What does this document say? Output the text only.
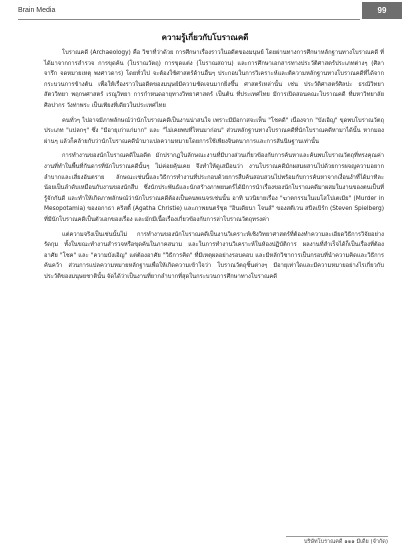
Brain Media	99
ความรู้เกี่ยวกับโบราณคดี

โบราณคดี (Archaeology) คือ วิชาที่ว่าด้วย การศึกษาเรื่องราวในอดีตของมนุษย์ โดยผ่านทางการศึกษาหลักฐานทางโบราณคดี ที่ได้มาจากการสำรวจ การขุดค้น (โบราณวัตถุ) การขุดแต่ง (โบราณสถาน) และการศึกษาเอกสารทางประวัติศาสตร์ประเภทต่างๆ (ศิลาจารึก จดหมายเหตุ พงศาวดาร) โดยทั่วไป จะต้องใช้ศาสตร์ด้านอื่นๆ ประกอบในการวิเคราะห์และตีความหลักฐานทางโบราณคดีที่ได้จากกระบวนการข้างต้น เพื่อให้เรื่องราวในอดีตของมนุษย์มีความชัดเจนมากยิ่งขึ้น ศาสตร์เหล่านั้น เช่น ประวัติศาสตร์ศิลปะ ธรณีวิทยา สัตววิทยา พฤกษศาสตร์ เรณูวิทยา การกำหนดอายุทางวิทยาศาสตร์ เป็นต้น ที่ประเทศไทย มีการเปิดสอนคณะโบราณคดี ที่มหาวิทยาลัยศิลปากร วังท่าพระ เป็นเพียงที่เดียวในประเทศไทย

คนทั่วๆ ไปอาจมีภาพลักษณ์ว่านักโบราณคดีเป็นงานน่าสนใจ เพราะมีมีอกาสจะเห็น "โชคดี" เนื่องจาก "บังเอิญ" ขุดพบโบราณวัตถุประเภท "แปลกๆ" ซึ่ง "มีอายุเก่าแก่มาก" และ "ไม่เคยพบที่ไหนมาก่อน" ส่วนหลักฐานทางโบราณคดีที่นักโบราณคดีหามาได้นั้น หากมองผ่านๆ แล้วก็คล้ายกับว่านักโบราณคดีนำมาแปลความหมายโดยการใช้เพียงจินตนาการและการสันนิษฐานเท่านั้น

การทำงานของนักโบราณคดีในอดีต มักปรากฏในลักษณะงานที่มีบางส่วนเกี่ยวข้องกับการค้นหาและค้นพบโบราณวัตถุที่ทรงคุณค่า งานที่ทำในพื้นที่กันดารที่นักโบราณคดีนั้นๆ ไม่ค่อยคุ้นเคย จึงทำให้ดูเสมือนว่า งานโบราณคดีมักผสมผสานไปด้วยการผจญความอยากลำบากและเสี่ยงอันตราย ลักษณะเช่นนี้และวิธีการทำงานที่ประกอบด้วยการสืบค้นสอบสวนไปพร้อมกับการค้นหาจากเงื่อนงำที่ได้มาทีละน้อยเป็นลำดับเหมือนกับงานของนักสืบ ซึ่งนักประพันธ์และนักสร้างภาพยนตร์ได้มีการนำเรื่องของนักโบราณคดีมาผสมในงานของตนเป็นที่รู้จักกันดี และทำให้เกิดภาพลักษณ์ว่านักโบราณคดีต้องเป็นคนพเนจรเช่นนั้น อาทิ นวนิยายเรื่อง "ฆาตกรรมในเมโสโปเตเมีย" (Murder in Mesopotamia) ของอกาธา คริสตี้ (Agatha Christie) และภาพยนตร์ชุด "อินเดียนา โจนส์" ของสตีเวน สปีลเบิร์ก (Steven Spielberg) ที่มีนักโบราณคดีเป็นตัวเอกของเรื่อง และมักมีเนื้อเรื่องเกี่ยวข้องกับการล่าโบราณวัตถุทรงค่า

แต่ความจริงเป็นเช่นนั้นไม่ การทำงานของนักโบราณคดีเป็นงานวิเคราะห์เชิงวิทยาศาสตร์ที่ต้องทำความละเอียดวิธีการวิจัยอย่างรัดกุม ทั้งในขณะทำงานสำรวจหรือขุดค้นในภาคสนาม และในการทำงานวิเคราะห์ในห้องปฏิบัติการ ผลงานที่สำเร็จได้ก็เป็นเรื่องที่ต้องอาศัย "โชค" และ "ความบังเอิญ" แต่ต้องอาศัย "วิธีการคิด" ที่มีเหตุผลอย่างรอบคอบ และมีหลักวิชาการเป็นกรอบที่นำความคิดและวิธีการค้นคว้า ส่วนการแปลความหมายหลักฐานเพื่อให้เกิดความเข้าใจว่า โบราณวัตถุชิ้นต่างๆ มีอายุเท่าใดและมีความหมายอย่างไรเกี่ยวกับประวัติของมนุษยชาตินั้น จัดได้ว่าเป็นงานที่ยากลำบากที่สุดในกระบวนการศึกษาทางโบราณคดี

บริษัทโบราณคดี ๑๑๑ มีเดีย (จำกัด)
